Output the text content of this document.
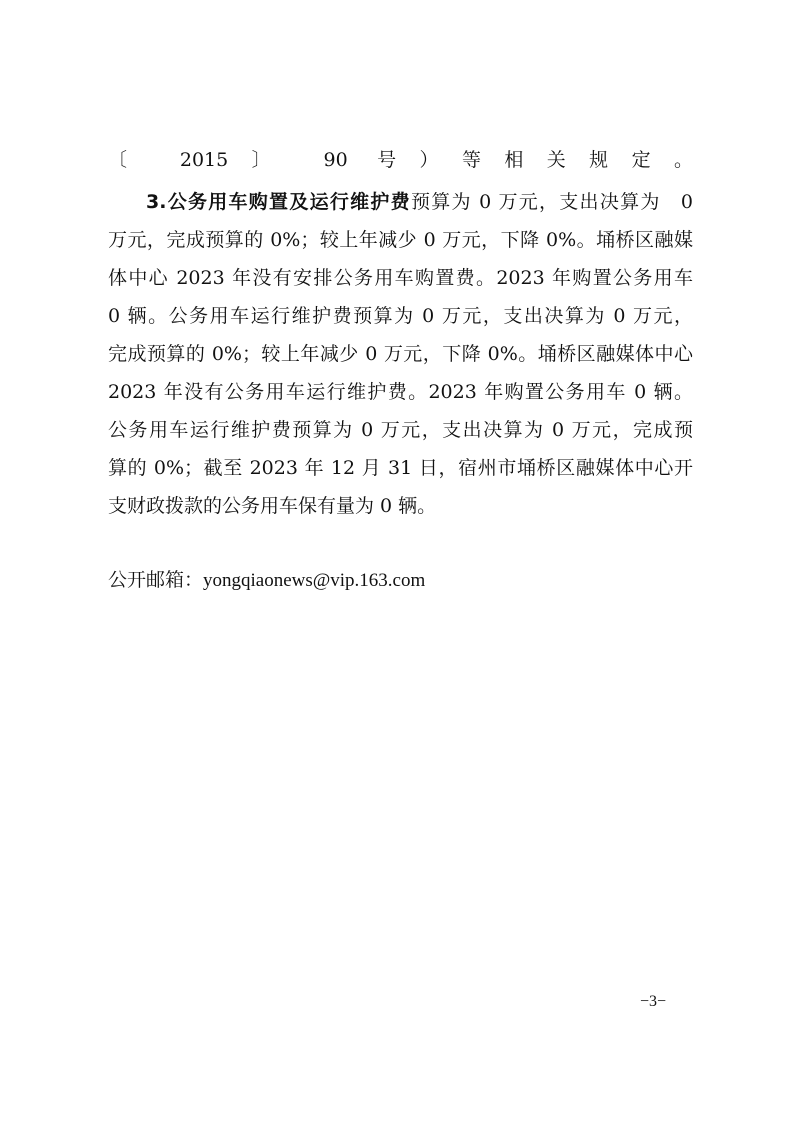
〔 2015〕 90 号）等相关规定。
3.公务用车购置及运行维护费预算为 0 万元，支出决算为　0
万元，完成预算的 0%；较上年减少 0 万元，下降 0%。埇桥区融媒
体中心 2023 年没有安排公务用车购置费。2023 年购置公务用车
0 辆。公务用车运行维护费预算为 0 万元，支出决算为 0 万元，
完成预算的 0%；较上年减少 0 万元，下降 0%。埇桥区融媒体中心
2023 年没有公务用车运行维护费。2023 年购置公务用车 0 辆。
公务用车运行维护费预算为 0 万元，支出决算为 0 万元，完成预
算的 0%；截至 2023 年 12 月 31 日，宿州市埇桥区融媒体中心开
支财政拨款的公务用车保有量为 0 辆。
公开邮箱：yongqiaonews@vip.163.com
−3−
